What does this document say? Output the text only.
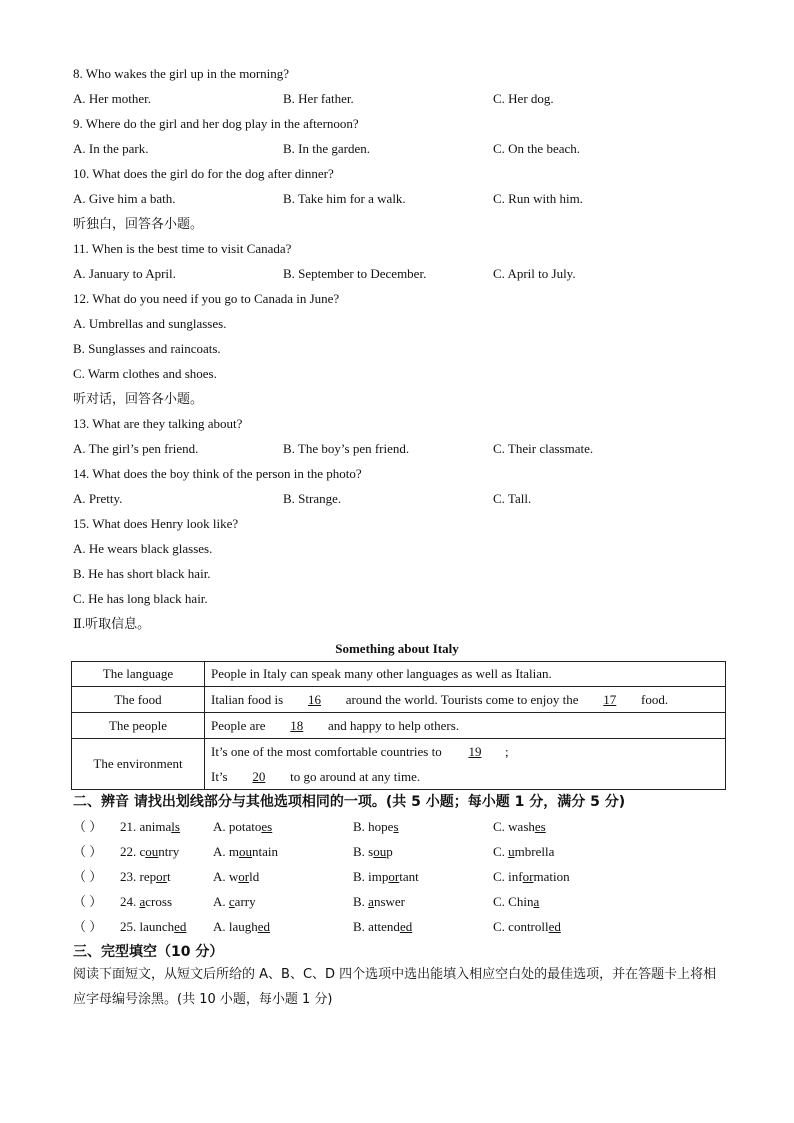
8. Who wakes the girl up in the morning?
A. Her mother.	B. Her father.	C. Her dog.
9. Where do the girl and her dog play in the afternoon?
A. In the park.	B. In the garden.	C. On the beach.
10. What does the girl do for the dog after dinner?
A. Give him a bath.	B. Take him for a walk.	C. Run with him.
听独白，回答各小题。
11. When is the best time to visit Canada?
A. January to April.	B. September to December.	C. April to July.
12. What do you need if you go to Canada in June?
A. Umbrellas and sunglasses.
B. Sunglasses and raincoats.
C. Warm clothes and shoes.
听对话，回答各小题。
13. What are they talking about?
A. The girl’s pen friend.	B. The boy’s pen friend.	C. Their classmate.
14. What does the boy think of the person in the photo?
A. Pretty.	B. Strange.	C. Tall.
15. What does Henry look like?
A. He wears black glasses.
B. He has short black hair.
C. He has long black hair.
Ⅱ.听取信息。
Something about Italy
The language	People in Italy can speak many other languages as well as Italian.
The food	Italian food is 16 around the world. Tourists come to enjoy the 17 food.
The people	People are 18 and happy to help others.
The environment	It’s one of the most comfortable countries to 19 ;
It’s 20 to go around at any time.
二、辨音 请找出划线部分与其他选项相同的一项。(共 5 小题；每小题 1 分，满分 5 分)
（ ） 21. animals	A. potatoes	B. hopes	C. washes
（ ） 22. country	A. mountain	B. soup	C. umbrella
（ ） 23. report	A. world	B. important	C. information
（ ） 24. across	A. carry	B. answer	C. China
（ ） 25. launched A. laughed	B. attended	C. controlled
三、完型填空（10 分）
阅读下面短文，从短文后所给的 A、B、C、D 四个选项中选出能填入相应空白处的最佳选项，并在答题卡上将相应字母编号涂黑。(共 10 小题，每小题 1 分)
